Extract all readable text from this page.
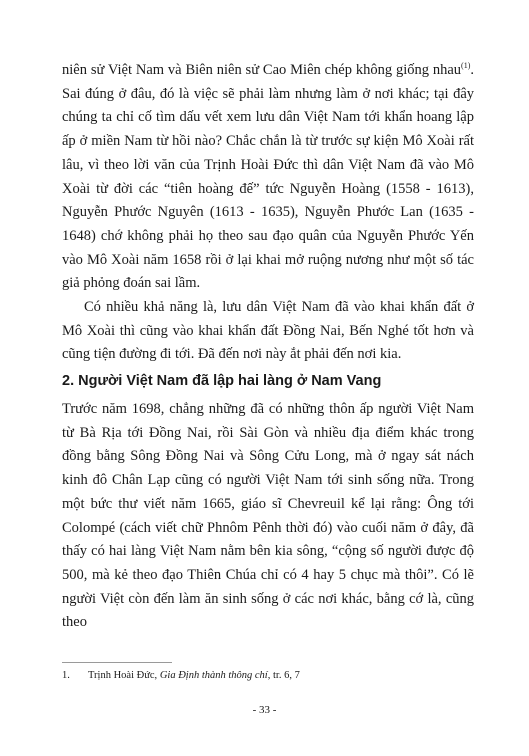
niên sử Việt Nam và Biên niên sử Cao Miên chép không giống nhau$^{(1)}$. Sai đúng ở đâu, đó là việc sẽ phải làm nhưng làm ở nơi khác; tại đây chúng ta chỉ cố tìm dấu vết xem lưu dân Việt Nam tới khẩn hoang lập ấp ở miền Nam từ hồi nào? Chắc chắn là từ trước sự kiện Mô Xoài rất lâu, vì theo lời văn của Trịnh Hoài Đức thì dân Việt Nam đã vào Mô Xoài từ đời các “tiên hoàng đế” tức Nguyễn Hoàng (1558 - 1613), Nguyễn Phước Nguyên (1613 - 1635), Nguyễn Phước Lan (1635 - 1648) chớ không phải họ theo sau đạo quân của Nguyễn Phước Yến vào Mô Xoài năm 1658 rồi ở lại khai mở ruộng nương như một số tác giả phỏng đoán sai lầm.

Có nhiều khả năng là, lưu dân Việt Nam đã vào khai khẩn đất ở Mô Xoài thì cũng vào khai khẩn đất Đồng Nai, Bến Nghé tốt hơn và cũng tiện đường đi tới. Đã đến nơi này ắt phải đến nơi kia.

2. Người Việt Nam đã lập hai làng ở Nam Vang

Trước năm 1698, chẳng những đã có những thôn ấp người Việt Nam từ Bà Rịa tới Đồng Nai, rồi Sài Gòn và nhiều địa điểm khác trong đồng bằng Sông Đồng Nai và Sông Cửu Long, mà ở ngay sát nách kinh đô Chân Lạp cũng có người Việt Nam tới sinh sống nữa. Trong một bức thư viết năm 1665, giáo sĩ Chevreuil kể lại rằng: Ông tới Colompé (cách viết chữ Phnôm Pênh thời đó) vào cuối năm ở đây, đã thấy có hai làng Việt Nam nằm bên kia sông, “cộng số người được độ 500, mà kẻ theo đạo Thiên Chúa chỉ có 4 hay 5 chục mà thôi”. Có lẽ người Việt còn đến làm ăn sinh sống ở các nơi khác, bằng cớ là, cũng theo

1. Trịnh Hoài Đức, Gia Định thành thông chí, tr. 6, 7

- 33 -
